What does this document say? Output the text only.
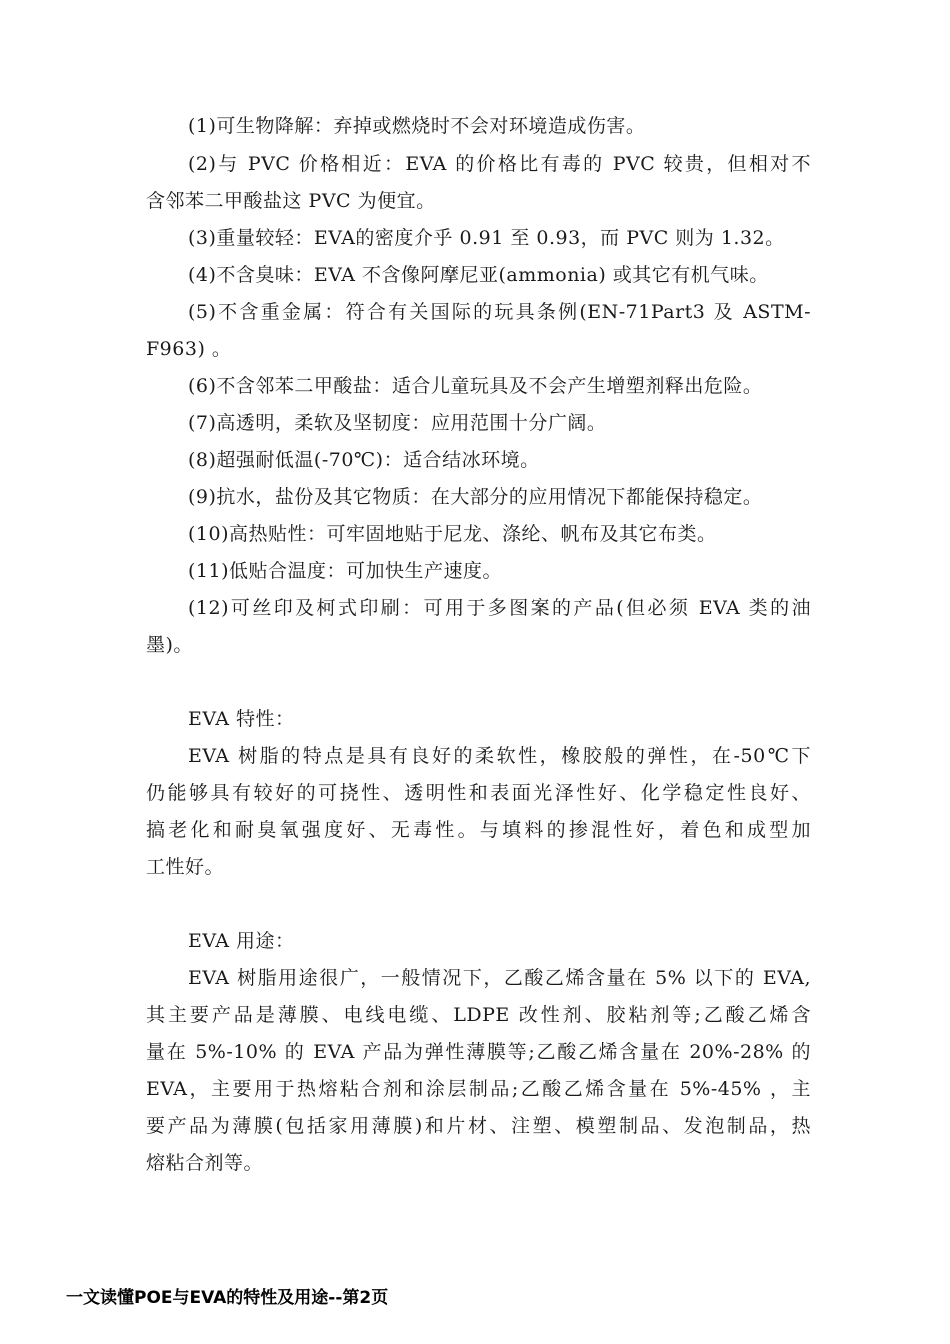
(1)可生物降解：弃掉或燃烧时不会对环境造成伤害。
(2)与 PVC 价格相近：EVA 的价格比有毒的 PVC 较贵，但相对不
含邻苯二甲酸盐这 PVC 为便宜。
(3)重量较轻：EVA的密度介乎 0.91 至 0.93，而 PVC 则为 1.32。
(4)不含臭味：EVA 不含像阿摩尼亚(ammonia) 或其它有机气味。
(5)不含重金属：符合有关国际的玩具条例(EN-71Part3 及 ASTM-
F963) 。
(6)不含邻苯二甲酸盐：适合儿童玩具及不会产生增塑剂释出危险。
(7)高透明，柔软及坚韧度：应用范围十分广阔。
(8)超强耐低温(-70℃)：适合结冰环境。
(9)抗水，盐份及其它物质：在大部分的应用情况下都能保持稳定。
(10)高热贴性：可牢固地贴于尼龙、涤纶、帆布及其它布类。
(11)低贴合温度：可加快生产速度。
(12)可丝印及柯式印刷：可用于多图案的产品(但必须 EVA 类的油
墨)。
EVA 特性：
EVA 树脂的特点是具有良好的柔软性，橡胶般的弹性，在-50℃下
仍能够具有较好的可挠性、透明性和表面光泽性好、化学稳定性良好、
搞老化和耐臭氧强度好、无毒性。与填料的掺混性好，着色和成型加
工性好。
EVA 用途：
EVA 树脂用途很广，一般情况下，乙酸乙烯含量在 5% 以下的 EVA,
其主要产品是薄膜、电线电缆、LDPE 改性剂、胶粘剂等;乙酸乙烯含
量在 5%-10% 的 EVA 产品为弹性薄膜等;乙酸乙烯含量在 20%-28% 的
EVA，主要用于热熔粘合剂和涂层制品;乙酸乙烯含量在 5%-45% ，主
要产品为薄膜(包括家用薄膜)和片材、注塑、模塑制品、发泡制品，热
熔粘合剂等。
一文读懂POE与EVA的特性及用途--第2页
